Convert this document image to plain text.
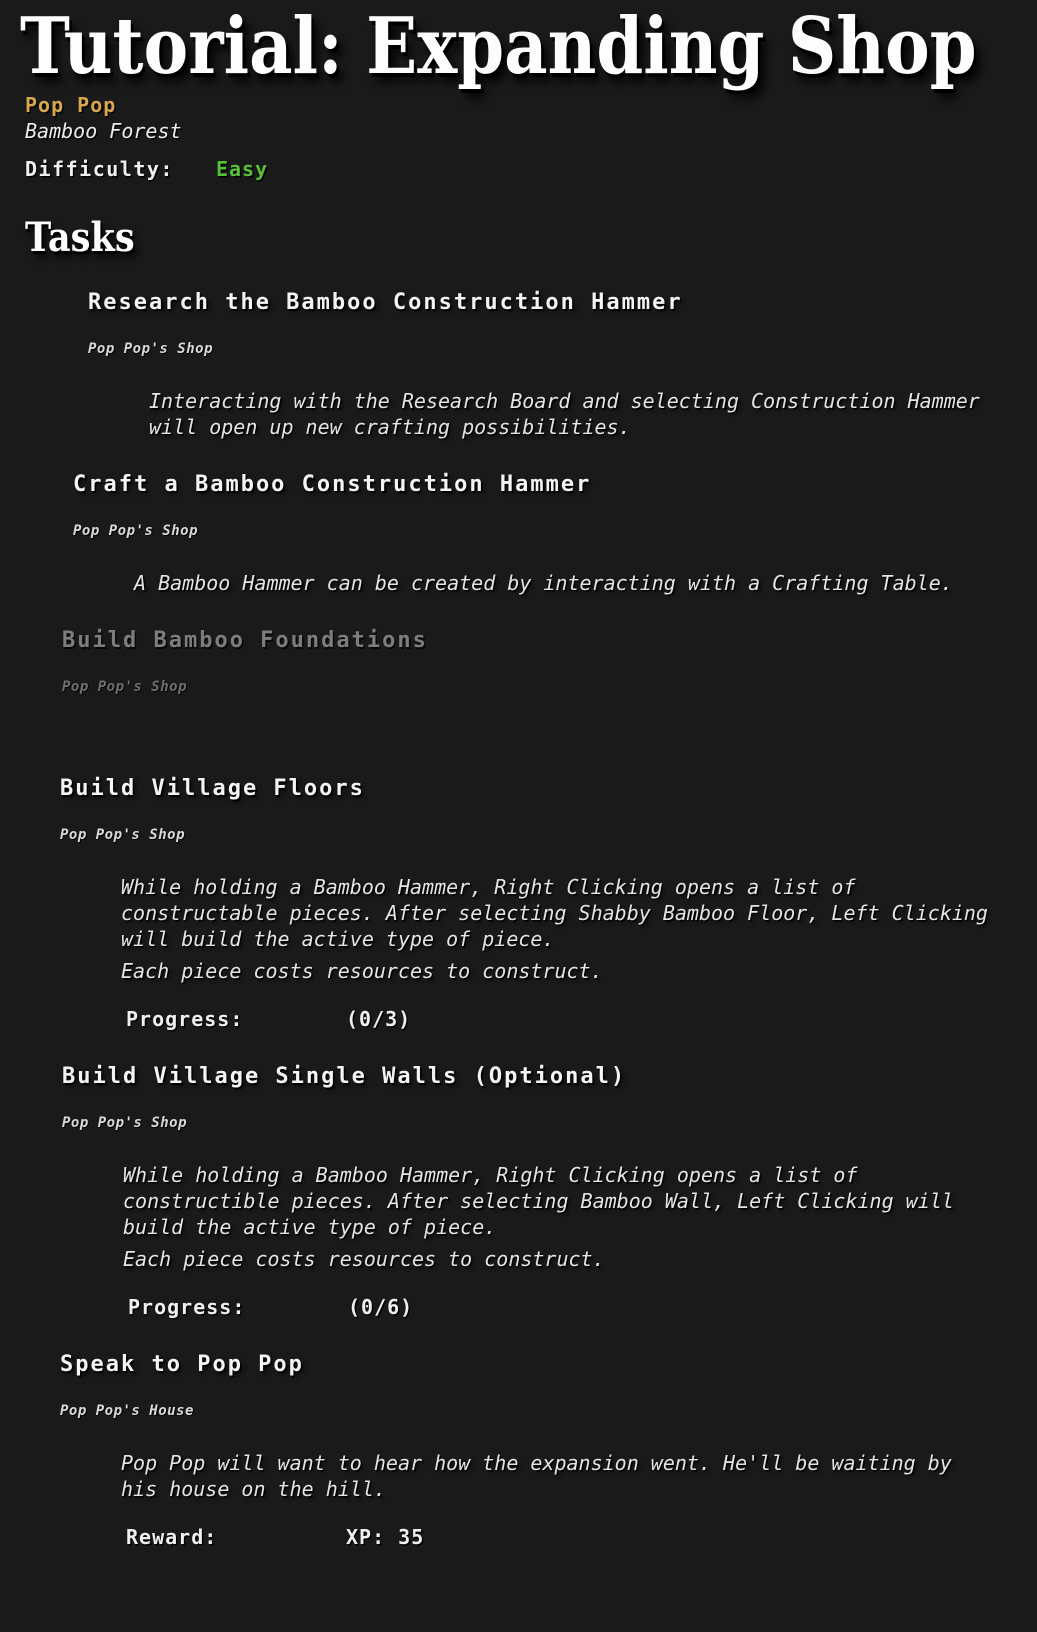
Tutorial: Expanding Shop
Pop Pop
Bamboo Forest
Difficulty: Easy
Tasks
Research the Bamboo Construction Hammer
Pop Pop's Shop

Interacting with the Research Board and selecting Construction Hammer will open up new crafting possibilities.

Craft a Bamboo Construction Hammer
Pop Pop's Shop

A Bamboo Hammer can be created by interacting with a Crafting Table.

Build Bamboo Foundations
Pop Pop's Shop
Build Village Floors
Pop Pop's Shop

While holding a Bamboo Hammer, Right Clicking opens a list of constructable pieces. After selecting Shabby Bamboo Floor, Left Clicking will build the active type of piece.

Each piece costs resources to construct.

Progress:	(0/3)
Build Village Single Walls (Optional)
Pop Pop's Shop

While holding a Bamboo Hammer, Right Clicking opens a list of constructible pieces. After selecting Bamboo Wall, Left Clicking will build the active type of piece.

Each piece costs resources to construct.

Progress:	(0/6)
Speak to Pop Pop
Pop Pop's House

Pop Pop will want to hear how the expansion went. He'll be waiting by his house on the hill.

Reward:	XP: 35
